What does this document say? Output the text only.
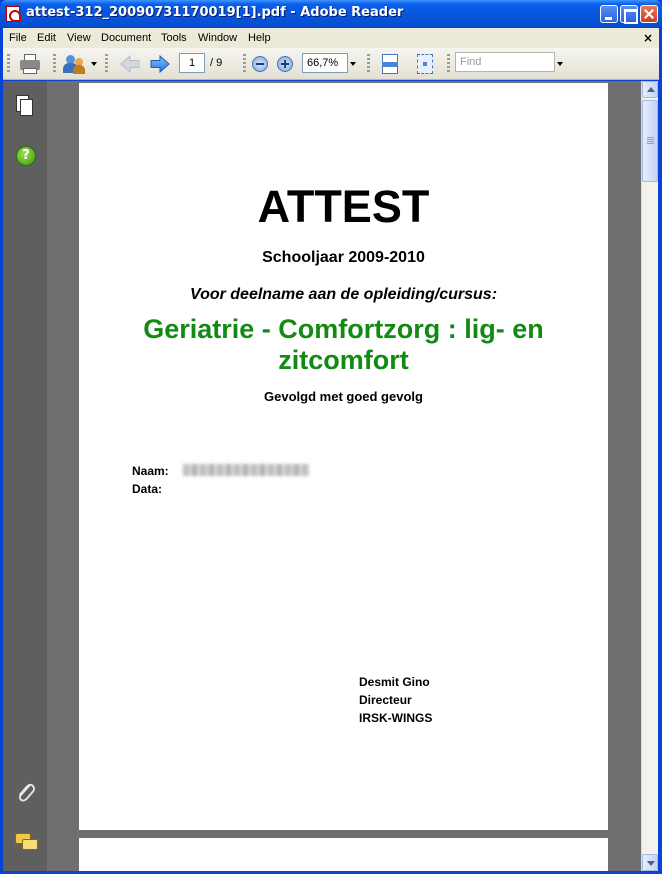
attest-312_20090731170019[1].pdf - Adobe Reader
File Edit View Document Tools Window Help	×
1	/ 9	66,7%	Find
?
ATTEST
Schooljaar 2009-2010
Voor deelname aan de opleiding/cursus:
Geriatrie - Comfortzorg : lig- en zitcomfort
Gevolgd met goed gevolg
Naam:
Data:
Desmit Gino
Directeur
IRSK-WINGS
